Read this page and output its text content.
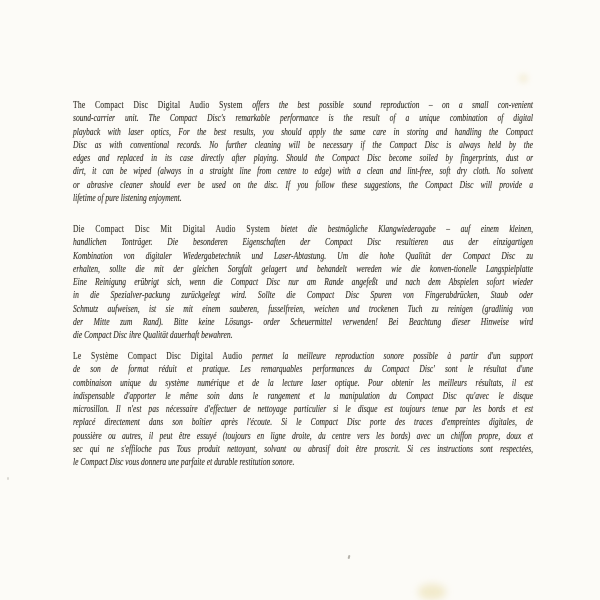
The Compact Disc Digital Audio System offers the best possible sound reproduction – on a small con-venient
sound-carrier unit. The Compact Disc's remarkable performance is the result of a unique combination of digital
playback with laser optics, For the best results, you should apply the same care in storing and handling the Compact
Disc as with conventional records. No further cleaning will be necessary if the Compact Disc is always held by the
edges and replaced in its case directly after playing. Should the Compact Disc become soiled by fingerprints, dust or
dirt, it can be wiped (always in a straight line from centre to edge) with a clean and lint-free, soft dry cloth. No solvent
or abrasive cleaner should ever be used on the disc. If you follow these suggestions, the Compact Disc will provide a
lifetime of pure listening enjoyment.
Die Compact Disc Mit Digital Audio System bietet die bestmögliche Klangwiederagabe – auf einem kleinen,
handlichen Tonträger. Die besonderen Eigenschaften der Compact Disc resultieren aus der einzigartigen
Kombination von digitaler Wiedergabetechnik und Laser-Abtastung. Um die hohe Qualität der Compact Disc zu
erhalten, sollte die mit der gleichen Sorgfalt gelagert und behandelt wereden wie die konven-tionelle Langspielplatte
Eine Reinigung erübrigt sich, wenn die Compact Disc nur am Rande angefeßt und nach dem Abspielen sofort wieder
in die Spezialver-packung zurückgelegt wird. Sollte die Compact Disc Spuren von Fingerabdrücken, Staub oder
Schmutz aufweisen, ist sie mit einem sauberen, fusselfreien, weichen und trockenen Tuch zu reinigen (gradlinig von
der Mitte zum Rand). Bitte keine Lösungs- order Scheuermittel verwenden! Bei Beachtung dieser Hinweise wird
die Compact Disc ihre Qualität dauerhaft bewahren.
Le Système Compact Disc Digital Audio permet la meilleure reproduction sonore possible à partir d'un support
de son de format réduit et pratique. Les remarquables performances du Compact Disc' sont le résultat d'une
combinaison unique du système numérique et de la lecture laser optique. Pour obtenir les meilleurs résultats, il est
indispensable d'apporter le même soin dans le rangement et la manipulation du Compact Disc qu'avec le disque
microsillon. Il n'est pas nécessaire d'effectuer de nettoyage particulier si le disque est toujours tenue par les bords et est
replacé directement dans son boîtier après l'écoute. Si le Compact Disc porte des traces d'empreintes digitales, de
poussière ou autres, il peut être essuyé (toujours en ligne droite, du centre vers les bords) avec un chiffon propre, doux et
sec qui ne s'effiloche pas Tous produit nettoyant, solvant ou abrasif doit être proscrit. Si ces instructions sont respectées,
le Compact Disc vous donnera une parfaite et durable restitution sonore.
